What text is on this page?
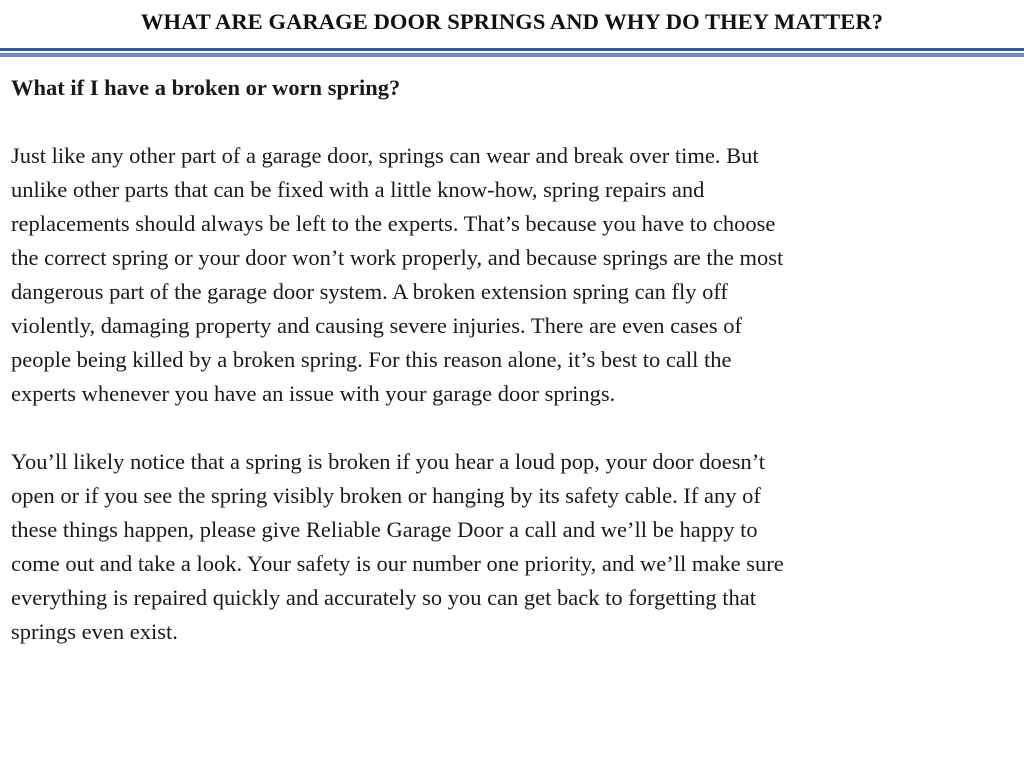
WHAT ARE GARAGE DOOR SPRINGS AND WHY DO THEY MATTER?
What if I have a broken or worn spring?
Just like any other part of a garage door, springs can wear and break over time. But
unlike other parts that can be fixed with a little know-how, spring repairs and
replacements should always be left to the experts. That’s because you have to choose
the correct spring or your door won’t work properly, and because springs are the most
dangerous part of the garage door system. A broken extension spring can fly off
violently, damaging property and causing severe injuries. There are even cases of
people being killed by a broken spring. For this reason alone, it’s best to call the
experts whenever you have an issue with your garage door springs.
You’ll likely notice that a spring is broken if you hear a loud pop, your door doesn’t
open or if you see the spring visibly broken or hanging by its safety cable. If any of
these things happen, please give Reliable Garage Door a call and we’ll be happy to
come out and take a look. Your safety is our number one priority, and we’ll make sure
everything is repaired quickly and accurately so you can get back to forgetting that
springs even exist.
